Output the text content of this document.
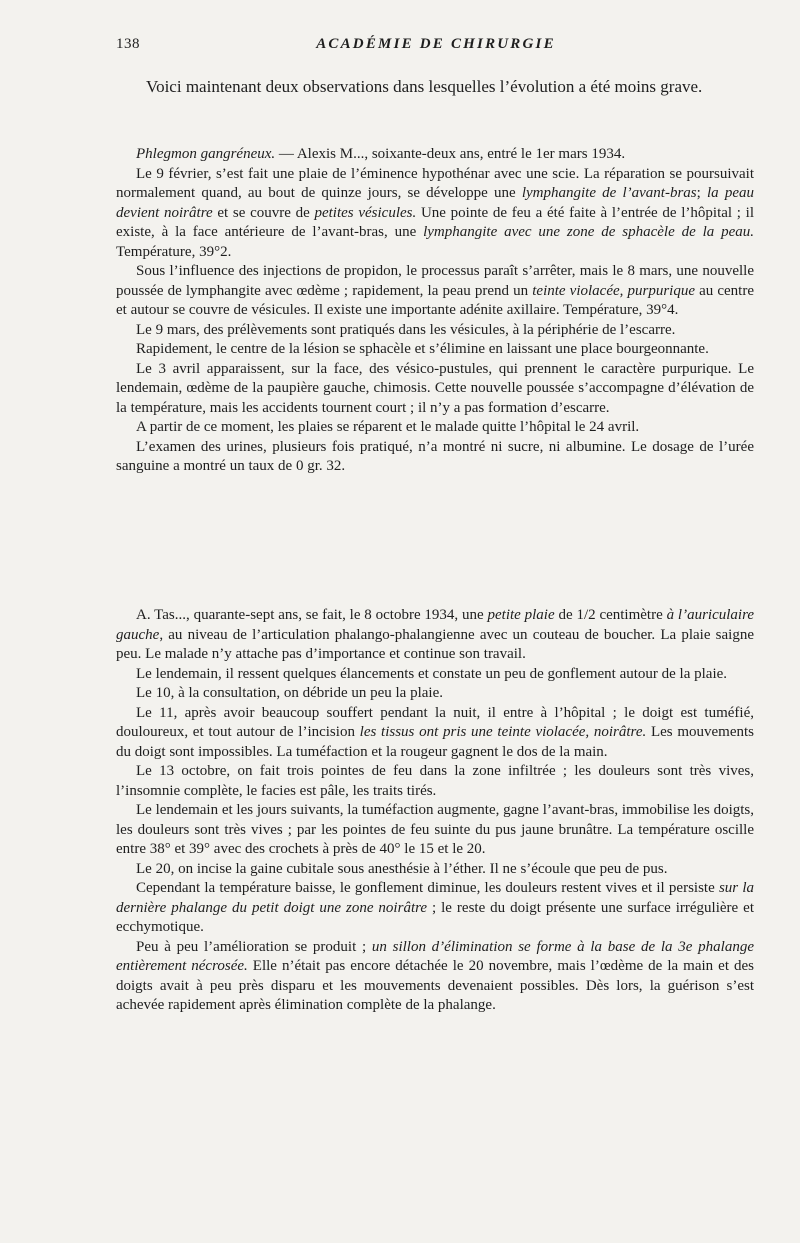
138	ACADÉMIE DE CHIRURGIE

Voici maintenant deux observations dans lesquelles l’évolution a été moins grave.

Phlegmon gangréneux. — Alexis M..., soixante-deux ans, entré le 1er mars 1934.

Le 9 février, s’est fait une plaie de l’éminence hypothénar avec une scie. La réparation se poursuivait normalement quand, au bout de quinze jours, se développe une lymphangite de l’avant-bras; la peau devient noirâtre et se couvre de petites vésicules. Une pointe de feu a été faite à l’entrée de l’hôpital ; il existe, à la face antérieure de l’avant-bras, une lymphangite avec une zone de sphacèle de la peau. Température, 39°2.

Sous l’influence des injections de propidon, le processus paraît s’arrêter, mais le 8 mars, une nouvelle poussée de lymphangite avec œdème ; rapidement, la peau prend un teinte violacée, purpurique au centre et autour se couvre de vésicules. Il existe une importante adénite axillaire. Température, 39°4.

Le 9 mars, des prélèvements sont pratiqués dans les vésicules, à la périphérie de l’escarre.

Rapidement, le centre de la lésion se sphacèle et s’élimine en laissant une place bourgeonnante.

Le 3 avril apparaissent, sur la face, des vésico-pustules, qui prennent le caractère purpurique. Le lendemain, œdème de la paupière gauche, chimosis. Cette nouvelle poussée s’accompagne d’élévation de la température, mais les accidents tournent court ; il n’y a pas formation d’escarre.

A partir de ce moment, les plaies se réparent et le malade quitte l’hôpital le 24 avril.

L’examen des urines, plusieurs fois pratiqué, n’a montré ni sucre, ni albumine. Le dosage de l’urée sanguine a montré un taux de 0 gr. 32.

A. Tas..., quarante-sept ans, se fait, le 8 octobre 1934, une petite plaie de 1/2 centimètre à l’auriculaire gauche, au niveau de l’articulation phalango-phalangienne avec un couteau de boucher. La plaie saigne peu. Le malade n’y attache pas d’importance et continue son travail.

Le lendemain, il ressent quelques élancements et constate un peu de gonflement autour de la plaie.

Le 10, à la consultation, on débride un peu la plaie.

Le 11, après avoir beaucoup souffert pendant la nuit, il entre à l’hôpital ; le doigt est tuméfié, douloureux, et tout autour de l’incision les tissus ont pris une teinte violacée, noirâtre. Les mouvements du doigt sont impossibles. La tuméfaction et la rougeur gagnent le dos de la main.

Le 13 octobre, on fait trois pointes de feu dans la zone infiltrée ; les douleurs sont très vives, l’insomnie complète, le facies est pâle, les traits tirés.

Le lendemain et les jours suivants, la tuméfaction augmente, gagne l’avant-bras, immobilise les doigts, les douleurs sont très vives ; par les pointes de feu suinte du pus jaune brunâtre. La température oscille entre 38° et 39° avec des crochets à près de 40° le 15 et le 20.

Le 20, on incise la gaine cubitale sous anesthésie à l’éther. Il ne s’écoule que peu de pus.

Cependant la température baisse, le gonflement diminue, les douleurs restent vives et il persiste sur la dernière phalange du petit doigt une zone noirâtre ; le reste du doigt présente une surface irrégulière et ecchymotique.

Peu à peu l’amélioration se produit ; un sillon d’élimination se forme à la base de la 3e phalange entièrement nécrosée. Elle n’était pas encore détachée le 20 novembre, mais l’œdème de la main et des doigts avait à peu près disparu et les mouvements devenaient possibles. Dès lors, la guérison s’est achevée rapidement après élimination complète de la phalange.
